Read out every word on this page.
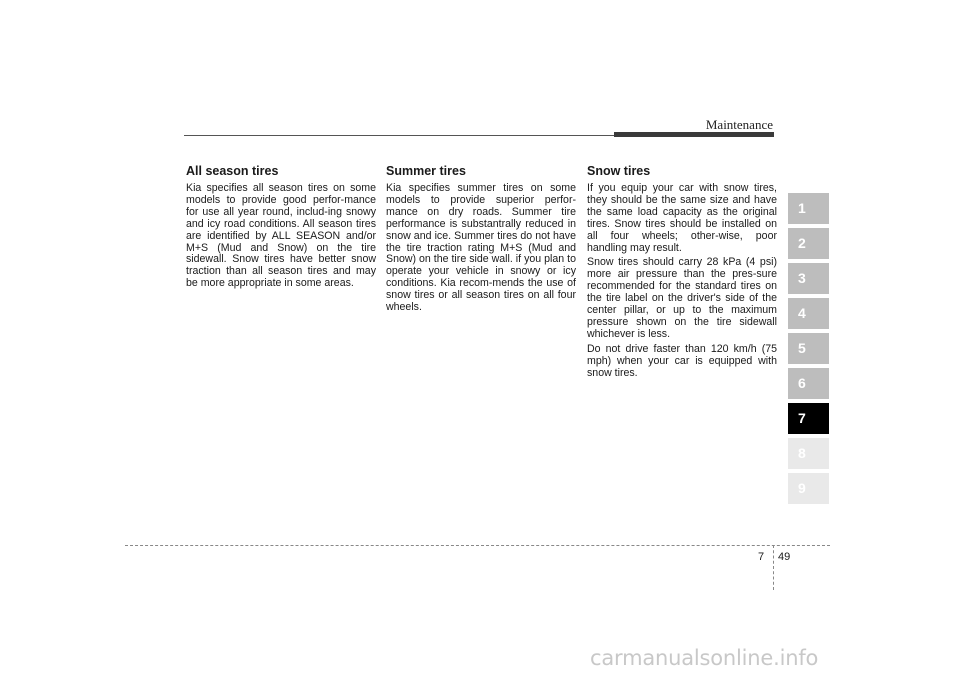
Maintenance
All season tires

Kia specifies all season tires on some models to provide good perfor-mance for use all year round, includ-ing snowy and icy road conditions. All season tires are identified by ALL SEASON and/or M+S (Mud and Snow) on the tire sidewall. Snow tires have better snow traction than all season tires and may be more appropriate in some areas.

Summer tires

Kia specifies summer tires on some models to provide superior perfor-mance on dry roads. Summer tire performance is substantrally reduced in snow and ice. Summer tires do not have the tire traction rating M+S (Mud and Snow) on the tire side wall. if you plan to operate your vehicle in snowy or icy conditions. Kia recom-mends the use of snow tires or all season tires on all four wheels.

Snow tires

If you equip your car with snow tires, they should be the same size and have the same load capacity as the original tires. Snow tires should be installed on all four wheels; other-wise, poor handling may result.

Snow tires should carry 28 kPa (4 psi) more air pressure than the pres-sure recommended for the standard tires on the tire label on the driver's side of the center pillar, or up to the maximum pressure shown on the tire sidewall whichever is less.

Do not drive faster than 120 km/h (75 mph) when your car is equipped with snow tires.

1
2
3
4
5
6
7
8
9
7 49
carmanualsonline.info
